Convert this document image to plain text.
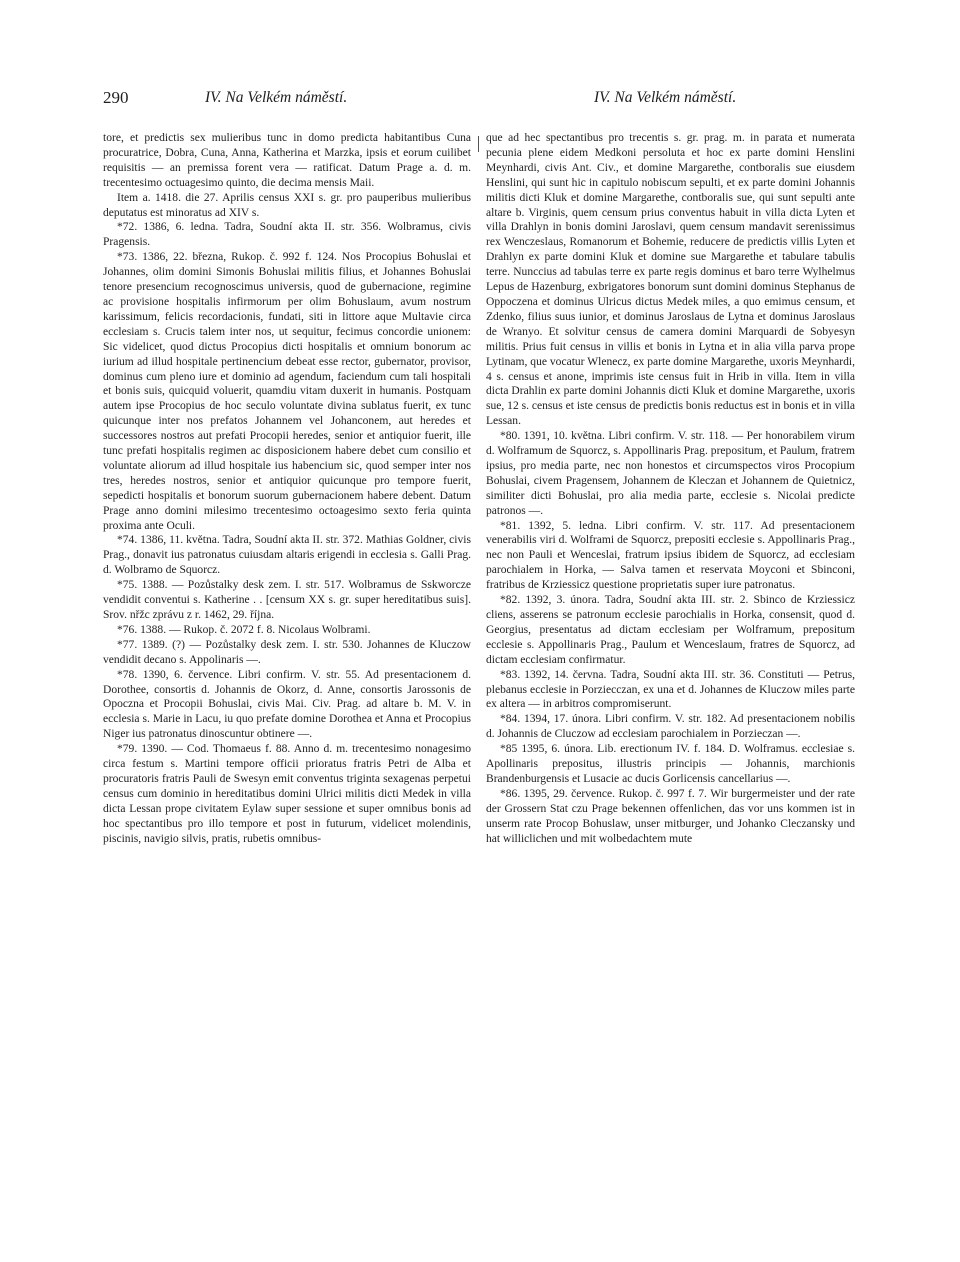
290	IV. Na Velkém náměstí.	IV. Na Velkém náměstí.

tore, et predictis sex mulieribus tunc in domo predicta habitantibus Cuna procuratrice, Dobra, Cuna, Anna, Katherina et Marzka, ipsis et eorum cuilibet requisitis — an premissa forent vera — ratificat. Datum Prage a. d. m. trecentesimo octuagesimo quinto, die decima mensis Maii.

Item a. 1418. die 27. Aprilis census XXI s. gr. pro pauperibus mulieribus deputatus est minoratus ad XIV s.

*72. 1386, 6. ledna. Tadra, Soudní akta II. str. 356. Wolbramus, civis Pragensis.

*73. 1386, 22. března, Rukop. č. 992 f. 124. Nos Procopius Bohuslai et Johannes, olim domini Simonis Bohuslai militis filius, et Johannes Bohuslai tenore presencium recognoscimus universis, quod de gubernacione, regimine ac provisione hospitalis infirmorum per olim Bohuslaum, avum nostrum karissimum, felicis recordacionis, fundati, siti in littore aque Multavie circa ecclesiam s. Crucis talem inter nos, ut sequitur, fecimus concordie unionem: Sic videlicet, quod dictus Procopius dicti hospitalis et omnium bonorum ac iurium ad illud hospitale pertinencium debeat esse rector, gubernator, provisor, dominus cum pleno iure et dominio ad agendum, faciendum cum tali hospitali et bonis suis, quicquid voluerit, quamdiu vitam duxerit in humanis. Postquam autem ipse Procopius de hoc seculo voluntate divina sublatus fuerit, ex tunc quicunque inter nos prefatos Johannem vel Johanconem, aut heredes et successores nostros aut prefati Procopii heredes, senior et antiquior fuerit, ille tunc prefati hospitalis regimen ac disposicionem habere debet cum consilio et voluntate aliorum ad illud hospitale ius habencium sic, quod semper inter nos tres, heredes nostros, senior et antiquior quicunque pro tempore fuerit, sepedicti hospitalis et bonorum suorum gubernacionem habere debent. Datum Prage anno domini milesimo trecentesimo octoagesimo sexto feria quinta proxima ante Oculi.

*74. 1386, 11. května. Tadra, Soudní akta II. str. 372. Mathias Goldner, civis Prag., donavit ius patronatus cuiusdam altaris erigendi in ecclesia s. Galli Prag. d. Wolbramo de Squorcz.

*75. 1388. — Pozůstalky desk zem. I. str. 517. Wolbramus de Sskworcze vendidit conventui s. Katherine . . [censum XX s. gr. super hereditatibus suis]. Srov. nřžc zprávu z r. 1462, 29. října.

*76. 1388. — Rukop. č. 2072 f. 8. Nicolaus Wolbrami.

*77. 1389. (?) — Pozůstalky desk zem. I. str. 530. Johannes de Kluczow vendidit decano s. Appolinaris —.

*78. 1390, 6. července. Libri confirm. V. str. 55. Ad presentacionem d. Dorothee, consortis d. Johannis de Okorz, d. Anne, consortis Jarossonis de Opoczna et Procopii Bohuslai, civis Mai. Civ. Prag. ad altare b. M. V. in ecclesia s. Marie in Lacu, iu quo prefate domine Dorothea et Anna et Procopius Niger ius patronatus dinoscuntur obtinere —.

*79. 1390. — Cod. Thomaeus f. 88. Anno d. m. trecentesimo nonagesimo circa festum s. Martini tempore officii prioratus fratris Petri de Alba et procuratoris fratris Pauli de Swesyn emit conventus triginta sexagenas perpetui census cum dominio in hereditatibus domini Ulrici militis dicti Medek in villa dicta Lessan prope civitatem Eylaw super sessione et super omnibus bonis ad hoc spectantibus pro illo tempore et post in futurum, videlicet molendinis, piscinis, navigio silvis, pratis, rubetis omnibus-

que ad hec spectantibus pro trecentis s. gr. prag. m. in parata et numerata pecunia plene eidem Medkoni persoluta et hoc ex parte domini Henslini Meynhardi, civis Ant. Civ., et domine Margarethe, contboralis sue eiusdem Henslini, qui sunt hic in capitulo nobiscum sepulti, et ex parte domini Johannis militis dicti Kluk et domine Margarethe, contboralis sue, qui sunt sepulti ante altare b. Virginis, quem censum prius conventus habuit in villa dicta Lyten et villa Drahlyn in bonis domini Jaroslavi, quem censum mandavit serenissimus rex Wenczeslaus, Romanorum et Bohemie, reducere de predictis villis Lyten et Drahlyn ex parte domini Kluk et domine sue Margarethe et tabulare tabulis terre. Nunccius ad tabulas terre ex parte regis dominus et baro terre Wylhelmus Lepus de Hazenburg, exbrigatores bonorum sunt domini dominus Stephanus de Oppoczena et dominus Ulricus dictus Medek miles, a quo emimus censum, et Zdenko, filius suus iunior, et dominus Jaroslaus de Lytna et dominus Jaroslaus de Wranyo. Et solvitur census de camera domini Marquardi de Sobyesyn militis. Prius fuit census in villis et bonis in Lytna et in alia villa parva prope Lytinam, que vocatur Wlenecz, ex parte domine Margarethe, uxoris Meynhardi, 4 s. census et anone, imprimis iste census fuit in Hrib in villa. Item in villa dicta Drahlin ex parte domini Johannis dicti Kluk et domine Margarethe, uxoris sue, 12 s. census et iste census de predictis bonis reductus est in bonis et in villa Lessan.

*80. 1391, 10. května. Libri confirm. V. str. 118. — Per honorabilem virum d. Wolframum de Squorcz, s. Appollinaris Prag. prepositum, et Paulum, fratrem ipsius, pro media parte, nec non honestos et circumspectos viros Procopium Bohuslai, civem Pragensem, Johannem de Kleczan et Johannem de Quietnicz, similiter dicti Bohuslai, pro alia media parte, ecclesie s. Nicolai predicte patronos —.

*81. 1392, 5. ledna. Libri confirm. V. str. 117. Ad presentacionem venerabilis viri d. Wolframi de Squorcz, prepositi ecclesie s. Appollinaris Prag., nec non Pauli et Wenceslai, fratrum ipsius ibidem de Squorcz, ad ecclesiam parochialem in Horka, — Salva tamen et reservata Moyconi et Sbinconi, fratribus de Krziessicz questione proprietatis super iure patronatus.

*82. 1392, 3. února. Tadra, Soudní akta III. str. 2. Sbinco de Krziessicz cliens, asserens se patronum ecclesie parochialis in Horka, consensit, quod d. Georgius, presentatus ad dictam ecclesiam per Wolframum, prepositum ecclesie s. Appollinaris Prag., Paulum et Wenceslaum, fratres de Squorcz, ad dictam ecclesiam confirmatur.

*83. 1392, 14. června. Tadra, Soudní akta III. str. 36. Constituti — Petrus, plebanus ecclesie in Porziecczan, ex una et d. Johannes de Kluczow miles parte ex altera — in arbitros compromiserunt.

*84. 1394, 17. února. Libri confirm. V. str. 182. Ad presentacionem nobilis d. Johannis de Cluczow ad ecclesiam parochialem in Porzieczan —.

*85 1395, 6. února. Lib. erectionum IV. f. 184. D. Wolframus. ecclesiae s. Apollinaris prepositus, illustris principis — Johannis, marchionis Brandenburgensis et Lusacie ac ducis Gorlicensis cancellarius —.

*86. 1395, 29. července. Rukop. č. 997 f. 7. Wir burgermeister und der rate der Grossern Stat czu Prage bekennen offenlichen, das vor uns kommen ist in unserm rate Procop Bohuslaw, unser mitburger, und Johanko Cleczansky und hat williclichen und mit wolbedachtem mute
